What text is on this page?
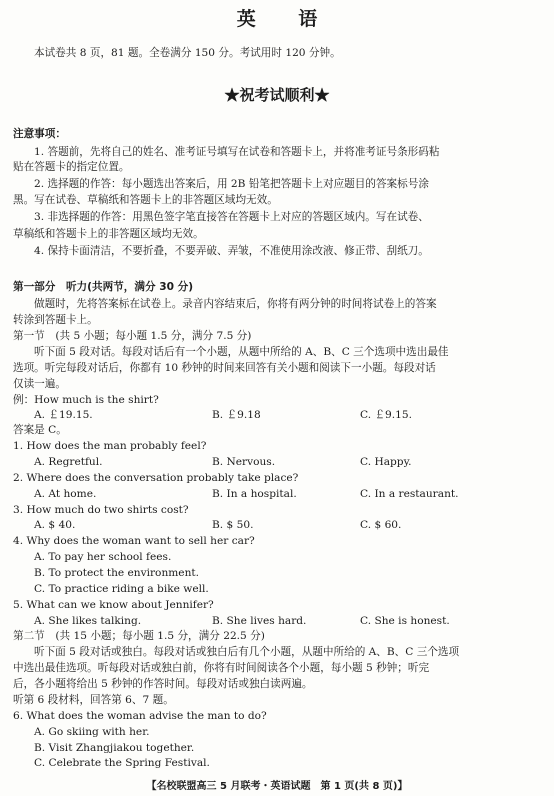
英 语
本试卷共 8 页，81 题。全卷满分 150 分。考试用时 120 分钟。
★祝考试顺利★
注意事项：
1. 答题前，先将自己的姓名、准考证号填写在试卷和答题卡上，并将准考证号条形码粘
贴在答题卡的指定位置。
2. 选择题的作答：每小题选出答案后，用 2B 铅笔把答题卡上对应题目的答案标号涂
黑。写在试卷、草稿纸和答题卡上的非答题区域均无效。
3. 非选择题的作答：用黑色签字笔直接答在答题卡上对应的答题区域内。写在试卷、
草稿纸和答题卡上的非答题区域均无效。
4. 保持卡面清洁，不要折叠，不要弄破、弄皱，不准使用涂改液、修正带、刮纸刀。
第一部分　听力(共两节，满分 30 分)
做题时，先将答案标在试卷上。录音内容结束后，你将有两分钟的时间将试卷上的答案
转涂到答题卡上。
第一节　(共 5 小题；每小题 1.5 分，满分 7.5 分)
听下面 5 段对话。每段对话后有一个小题，从题中所给的 A、B、C 三个选项中选出最佳
选项。听完每段对话后，你都有 10 秒钟的时间来回答有关小题和阅读下一小题。每段对话
仅读一遍。
例：How much is the shirt?
A. ￡19.15.	B. ￡9.18	C. ￡9.15.
答案是 C。
1. How does the man probably feel?
A. Regretful.	B. Nervous.	C. Happy.
2. Where does the conversation probably take place?
A. At home.	B. In a hospital.	C. In a restaurant.
3. How much do two shirts cost?
A. $ 40.	B. $ 50.	C. $ 60.
4. Why does the woman want to sell her car?
A. To pay her school fees.
B. To protect the environment.
C. To practice riding a bike well.
5. What can we know about Jennifer?
A. She likes talking.	B. She lives hard.	C. She is honest.
第二节　(共 15 小题；每小题 1.5 分，满分 22.5 分)
听下面 5 段对话或独白。每段对话或独白后有几个小题，从题中所给的 A、B、C 三个选项
中选出最佳选项。听每段对话或独白前，你将有时间阅读各个小题，每小题 5 秒钟；听完
后，各小题将给出 5 秒钟的作答时间。每段对话或独白读两遍。
听第 6 段材料，回答第 6、7 题。
6. What does the woman advise the man to do?
A. Go skiing with her.
B. Visit Zhangjiakou together.
C. Celebrate the Spring Festival.
【名校联盟高三 5 月联考・英语试题　第 1 页(共 8 页)】
